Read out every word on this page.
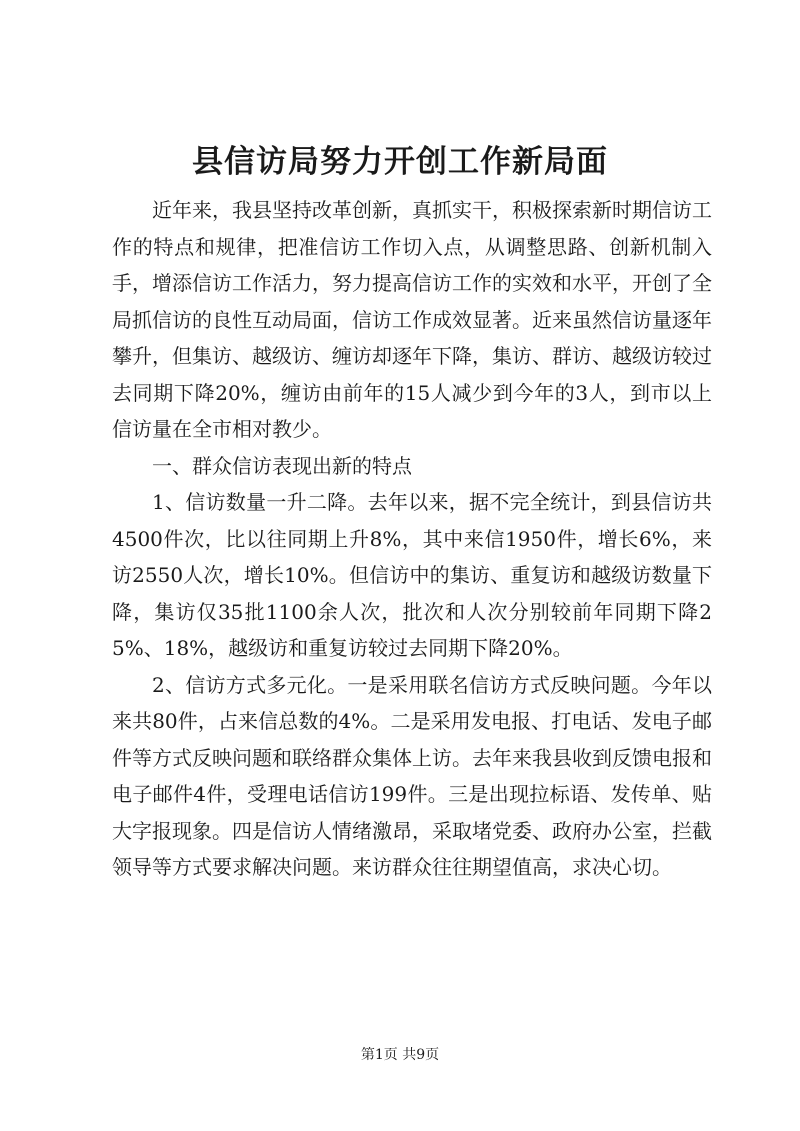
县信访局努力开创工作新局面

近年来，我县坚持改革创新，真抓实干，积极探索新时期信访工作的特点和规律，把准信访工作切入点，从调整思路、创新机制入手，增添信访工作活力，努力提高信访工作的实效和水平，开创了全局抓信访的良性互动局面，信访工作成效显著。近来虽然信访量逐年攀升，但集访、越级访、缠访却逐年下降，集访、群访、越级访较过去同期下降20%，缠访由前年的15人减少到今年的3人，到市以上信访量在全市相对教少。

一、群众信访表现出新的特点

1、信访数量一升二降。去年以来，据不完全统计，到县信访共4500件次，比以往同期上升8%，其中来信1950件，增长6%，来访2550人次，增长10%。但信访中的集访、重复访和越级访数量下降，集访仅35批1100余人次，批次和人次分别较前年同期下降25%、18%，越级访和重复访较过去同期下降20%。

2、信访方式多元化。一是采用联名信访方式反映问题。今年以来共80件，占来信总数的4%。二是采用发电报、打电话、发电子邮件等方式反映问题和联络群众集体上访。去年来我县收到反馈电报和电子邮件4件，受理电话信访199件。三是出现拉标语、发传单、贴大字报现象。四是信访人情绪激昂，采取堵党委、政府办公室，拦截领导等方式要求解决问题。来访群众往往期望值高，求决心切。

第1页 共9页
